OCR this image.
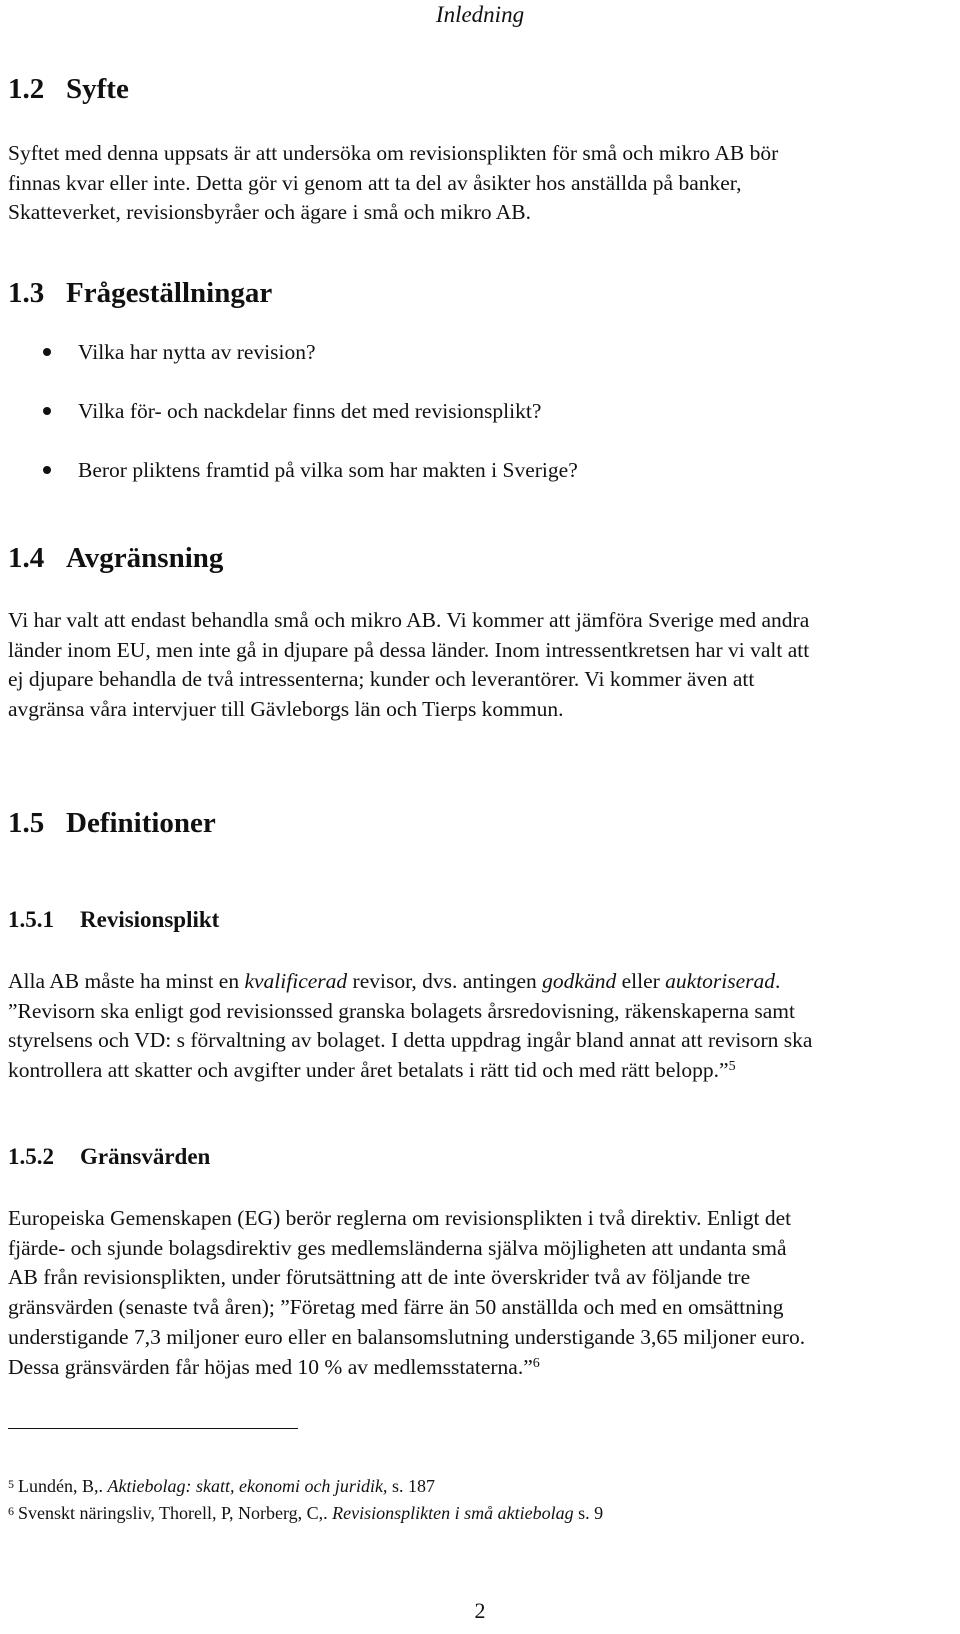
Inledning
1.2 Syfte
Syftet med denna uppsats är att undersöka om revisionsplikten för små och mikro AB bör
finnas kvar eller inte. Detta gör vi genom att ta del av åsikter hos anställda på banker,
Skatteverket, revisionsbyråer och ägare i små och mikro AB.
1.3 Frågeställningar
Vilka har nytta av revision?
Vilka för- och nackdelar finns det med revisionsplikt?
Beror pliktens framtid på vilka som har makten i Sverige?
1.4 Avgränsning
Vi har valt att endast behandla små och mikro AB. Vi kommer att jämföra Sverige med andra
länder inom EU, men inte gå in djupare på dessa länder. Inom intressentkretsen har vi valt att
ej djupare behandla de två intressenterna; kunder och leverantörer. Vi kommer även att
avgränsa våra intervjuer till Gävleborgs län och Tierps kommun.
1.5 Definitioner
1.5.1 Revisionsplikt
Alla AB måste ha minst en kvalificerad revisor, dvs. antingen godkänd eller auktoriserad.
”Revisorn ska enligt god revisionssed granska bolagets årsredovisning, räkenskaperna samt
styrelsens och VD: s förvaltning av bolaget. I detta uppdrag ingår bland annat att revisorn ska
kontrollera att skatter och avgifter under året betalats i rätt tid och med rätt belopp.”$^5$
1.5.2 Gränsvärden
Europeiska Gemenskapen (EG) berör reglerna om revisionsplikten i två direktiv. Enligt det
fjärde- och sjunde bolagsdirektiv ges medlemsländerna själva möjligheten att undanta små
AB från revisionsplikten, under förutsättning att de inte överskrider två av följande tre
gränsvärden (senaste två åren); ”Företag med färre än 50 anställda och med en omsättning
understigande 7,3 miljoner euro eller en balansomslutning understigande 3,65 miljoner euro.
Dessa gränsvärden får höjas med 10 % av medlemsstaterna.”$^6$
$^5$ Lundén, B,. Aktiebolag: skatt, ekonomi och juridik, s. 187
$^6$ Svenskt näringsliv, Thorell, P, Norberg, C,. Revisionsplikten i små aktiebolag s. 9
2
